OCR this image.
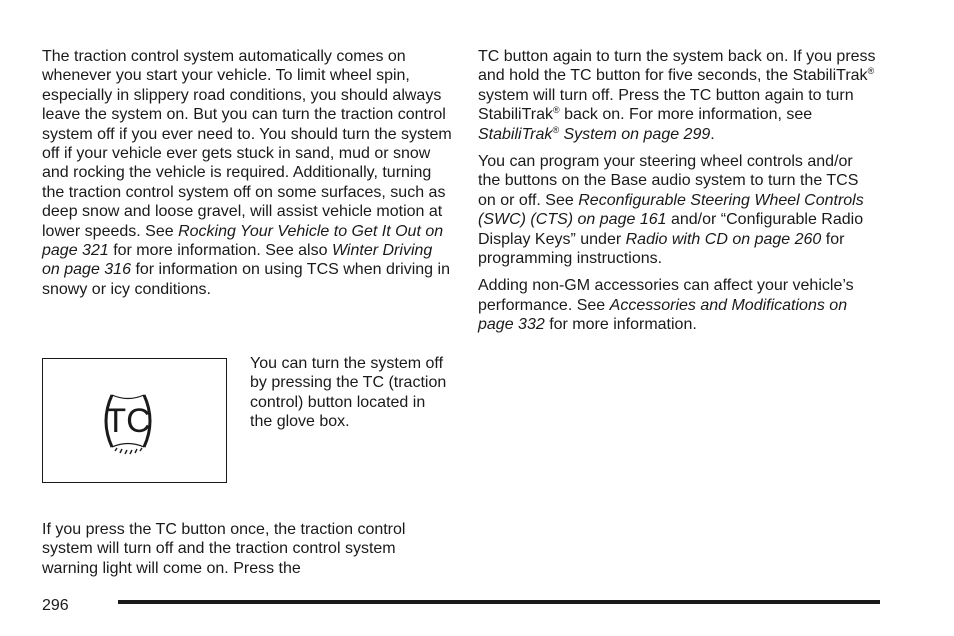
The traction control system automatically comes on whenever you start your vehicle. To limit wheel spin, especially in slippery road conditions, you should always leave the system on. But you can turn the traction control system off if you ever need to. You should turn the system off if your vehicle ever gets stuck in sand, mud or snow and rocking the vehicle is required. Additionally, turning the traction control system off on some surfaces, such as deep snow and loose gravel, will assist vehicle motion at lower speeds. See Rocking Your Vehicle to Get It Out on page 321 for more information. See also Winter Driving on page 316 for information on using TCS when driving in snowy or icy conditions.

TC

You can turn the system off by pressing the TC (traction control) button located in the glove box.

If you press the TC button once, the traction control system will turn off and the traction control system warning light will come on. Press the

TC button again to turn the system back on. If you press and hold the TC button for five seconds, the StabiliTrak® system will turn off. Press the TC button again to turn StabiliTrak® back on. For more information, see StabiliTrak® System on page 299.

You can program your steering wheel controls and/or the buttons on the Base audio system to turn the TCS on or off. See Reconfigurable Steering Wheel Controls (SWC) (CTS) on page 161 and/or “Configurable Radio Display Keys” under Radio with CD on page 260 for programming instructions.

Adding non-GM accessories can affect your vehicle’s performance. See Accessories and Modifications on page 332 for more information.

296
